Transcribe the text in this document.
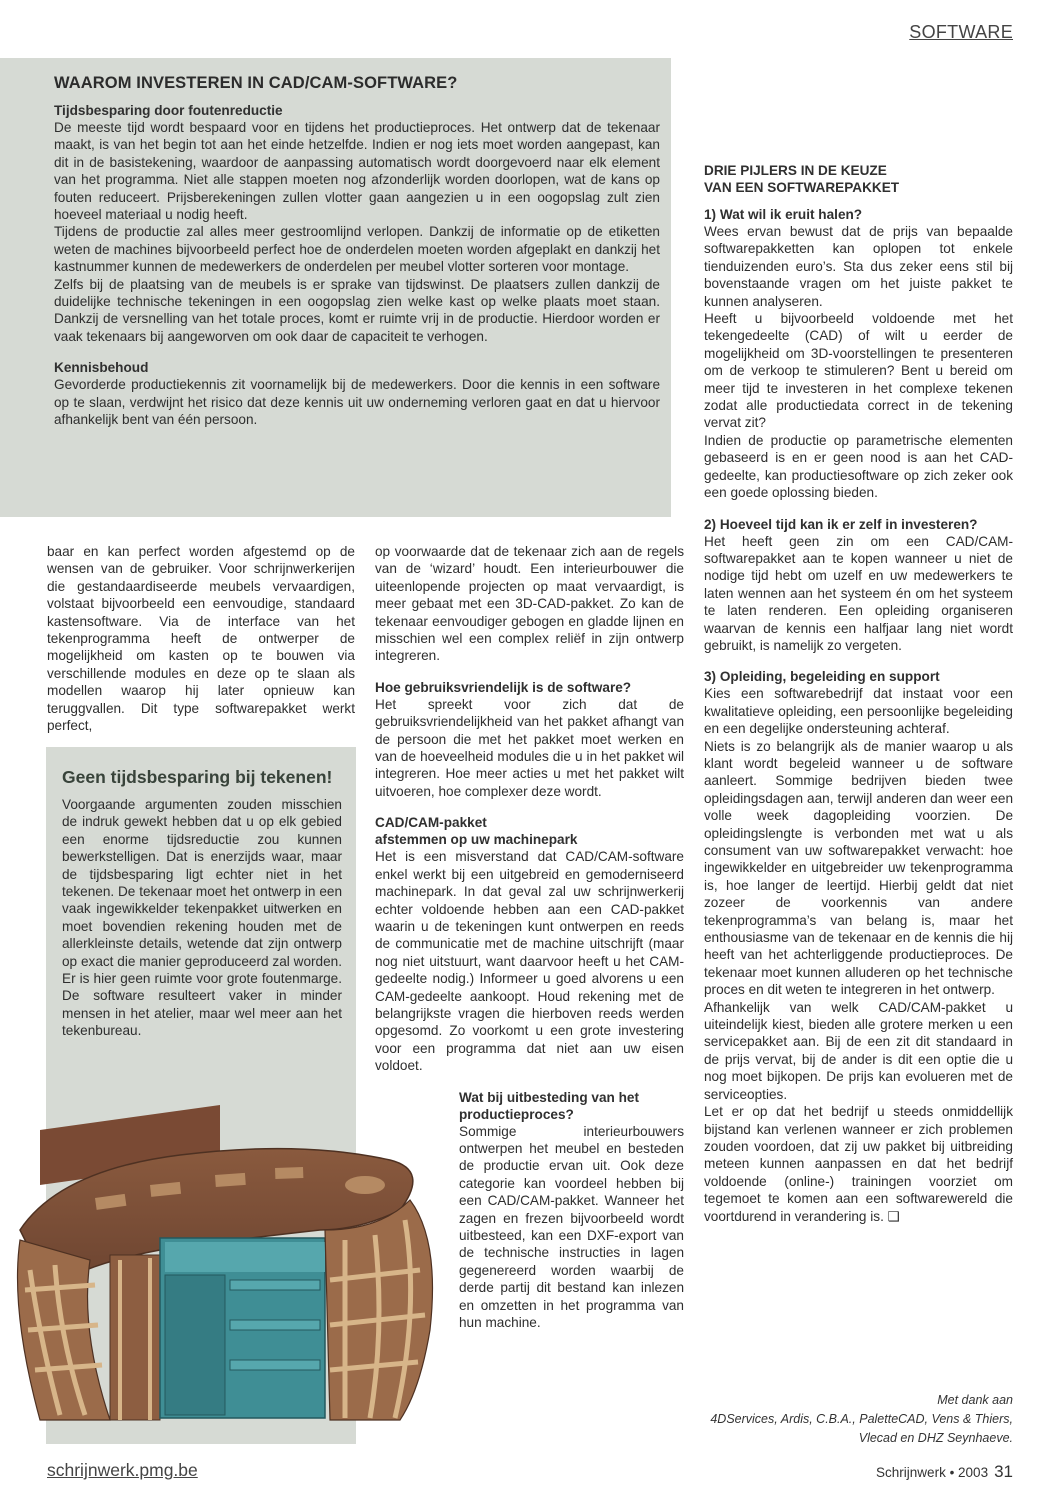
SOFTWARE
WAAROM INVESTEREN IN CAD/CAM-SOFTWARE?
Tijdsbesparing door foutenreductie

De meeste tijd wordt bespaard voor en tijdens het productieproces. Het ontwerp dat de tekenaar maakt, is van het begin tot aan het einde hetzelfde. Indien er nog iets moet worden aangepast, kan dit in de basistekening, waardoor de aanpassing automatisch wordt doorgevoerd naar elk element van het programma. Niet alle stappen moeten nog afzonderlijk worden doorlopen, wat de kans op fouten reduceert. Prijsberekeningen zullen vlotter gaan aangezien u in een oogopslag zult zien hoeveel materiaal u nodig heeft.

Tijdens de productie zal alles meer gestroomlijnd verlopen. Dankzij de informatie op de etiketten weten de machines bijvoorbeeld perfect hoe de onderdelen moeten worden afgeplakt en dankzij het kastnummer kunnen de medewerkers de onderdelen per meubel vlotter sorteren voor montage.

Zelfs bij de plaatsing van de meubels is er sprake van tijdswinst. De plaatsers zullen dankzij de duidelijke technische tekeningen in een oogopslag zien welke kast op welke plaats moet staan. Dankzij de versnelling van het totale proces, komt er ruimte vrij in de productie. Hierdoor worden er vaak tekenaars bij aangeworven om ook daar de capaciteit te verhogen.

Kennisbehoud

Gevorderde productiekennis zit voornamelijk bij de medewerkers. Door die kennis in een software op te slaan, verdwijnt het risico dat deze kennis uit uw onderneming verloren gaat en dat u hiervoor afhankelijk bent van één persoon.

baar en kan perfect worden afgestemd op de wensen van de gebruiker. Voor schrijnwerkerijen die gestandaardiseerde meubels vervaardigen, volstaat bijvoorbeeld een eenvoudige, standaard kastensoftware. Via de interface van het tekenprogramma heeft de ontwerper de mogelijkheid om kasten op te bouwen via verschillende modules en deze op te slaan als modellen waarop hij later opnieuw kan teruggvallen. Dit type softwarepakket werkt perfect,

Geen tijdsbesparing bij tekenen!

Voorgaande argumenten zouden misschien de indruk gewekt hebben dat u op elk gebied een enorme tijdsreductie zou kunnen bewerkstelligen. Dat is enerzijds waar, maar de tijdsbesparing ligt echter niet in het tekenen. De tekenaar moet het ontwerp in een vaak ingewikkelder tekenpakket uitwerken en moet bovendien rekening houden met de allerkleinste details, wetende dat zijn ontwerp op exact die manier geproduceerd zal worden. Er is hier geen ruimte voor grote foutenmarge. De software resulteert vaker in minder mensen in het atelier, maar wel meer aan het tekenbureau.

op voorwaarde dat de tekenaar zich aan de regels van de ‘wizard’ houdt. Een interieurbouwer die uiteenlopende projecten op maat vervaardigt, is meer gebaat met een 3D-CAD-pakket. Zo kan de tekenaar eenvoudiger gebogen en gladde lijnen en misschien wel een complex reliëf in zijn ontwerp integreren.

Hoe gebruiksvriendelijk is de software?

Het spreekt voor zich dat de gebruiksvriendelijkheid van het pakket afhangt van de persoon die met het pakket moet werken en van de hoeveelheid modules die u in het pakket wil integreren. Hoe meer acties u met het pakket wilt uitvoeren, hoe complexer deze wordt.

CAD/CAM-pakket
afstemmen op uw machinepark

Het is een misverstand dat CAD/CAM-software enkel werkt bij een uitgebreid en gemoderniseerd machinepark. In dat geval zal uw schrijnwerkerij echter voldoende hebben aan een CAD-pakket waarin u de tekeningen kunt ontwerpen en reeds de communicatie met de machine uitschrijft (maar nog niet uitstuurt, want daarvoor heeft u het CAM-gedeelte nodig.) Informeer u goed alvorens u een CAM-gedeelte aankoopt. Houd rekening met de belangrijkste vragen die hierboven reeds werden opgesomd. Zo voorkomt u een grote investering voor een programma dat niet aan uw eisen voldoet.

Wat bij uitbesteding van het productieproces?

Sommige interieurbouwers ontwerpen het meubel en besteden de productie ervan uit. Ook deze categorie kan voordeel hebben bij een CAD/CAM-pakket. Wanneer het zagen en frezen bijvoorbeeld wordt uitbesteed, kan een DXF-export van de technische instructies in lagen gegenereerd worden waarbij de derde partij dit bestand kan inlezen en omzetten in het programma van hun machine.

DRIE PIJLERS IN DE KEUZE
VAN EEN SOFTWAREPAKKET
1) Wat wil ik eruit halen?

Wees ervan bewust dat de prijs van bepaalde softwarepakketten kan oplopen tot enkele tienduizenden euro’s. Sta dus zeker eens stil bij bovenstaande vragen om het juiste pakket te kunnen analyseren.

Heeft u bijvoorbeeld voldoende met het tekengedeelte (CAD) of wilt u eerder de mogelijkheid om 3D-voorstellingen te presenteren om de verkoop te stimuleren? Bent u bereid om meer tijd te investeren in het complexe tekenen zodat alle productiedata correct in de tekening vervat zit?

Indien de productie op parametrische elementen gebaseerd is en er geen nood is aan het CAD-gedeelte, kan productiesoftware op zich zeker ook een goede oplossing bieden.

2) Hoeveel tijd kan ik er zelf in investeren?

Het heeft geen zin om een CAD/CAM-softwarepakket aan te kopen wanneer u niet de nodige tijd hebt om uzelf en uw medewerkers te laten wennen aan het systeem én om het systeem te laten renderen. Een opleiding organiseren waarvan de kennis een halfjaar lang niet wordt gebruikt, is namelijk zo vergeten.

3) Opleiding, begeleiding en support

Kies een softwarebedrijf dat instaat voor een kwalitatieve opleiding, een persoonlijke begeleiding en een degelijke ondersteuning achteraf.

Niets is zo belangrijk als de manier waarop u als klant wordt begeleid wanneer u de software aanleert. Sommige bedrijven bieden twee opleidingsdagen aan, terwijl anderen dan weer een volle week dagopleiding voorzien. De opleidingslengte is verbonden met wat u als consument van uw softwarepakket verwacht: hoe ingewikkelder en uitgebreider uw tekenprogramma is, hoe langer de leertijd. Hierbij geldt dat niet zozeer de voorkennis van andere tekenprogramma’s van belang is, maar het enthousiasme van de tekenaar en de kennis die hij heeft van het achterliggende productieproces. De tekenaar moet kunnen alluderen op het technische proces en dit weten te integreren in het ontwerp.

Afhankelijk van welk CAD/CAM-pakket u uiteindelijk kiest, bieden alle grotere merken u een servicepakket aan. Bij de een zit dit standaard in de prijs vervat, bij de ander is dit een optie die u nog moet bijkopen. De prijs kan evolueren met de serviceopties.

Let er op dat het bedrijf u steeds onmiddellijk bijstand kan verlenen wanneer er zich problemen zouden voordoen, dat zij uw pakket bij uitbreiding meteen kunnen aanpassen en dat het bedrijf voldoende (online-) trainingen voorziet om tegemoet te komen aan een softwarewereld die voortdurend in verandering is. ❑

Met dank aan
4DServices, Ardis, C.B.A., PaletteCAD, Vens & Thiers,
Vlecad en DHZ Seynhaeve.
schrijnwerk.pmg.be	Schrijnwerk • 2003 31
